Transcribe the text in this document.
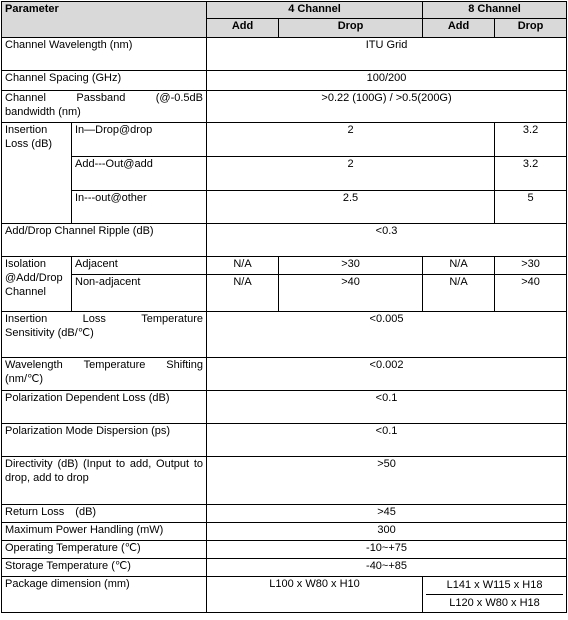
Parameter		4 Channel		8 Channel	
		Add	Drop	Add	Drop
Channel Wavelength (nm)		ITU Grid			
Channel Spacing (GHz)		100/200			

Channel Passband (@-0.5dB
bandwidth (nm)		>0.22 (100G) / >0.5(200G)			
Insertion Loss (dB)	In—Drop@drop	2			3.2
	Add---Out@add	2			3.2
	In---out@other	2.5			5
Add/Drop Channel Ripple (dB)		<0.3			
Isolation @Add/Drop Channel	Adjacent	N/A	>30	N/A	>30
	Non-adjacent	N/A	>40	N/A	>40

Insertion Loss Temperature
Sensitivity (dB/℃)		<0.005			

Wavelength Temperature Shifting
(nm/℃)		<0.002			
Polarization Dependent Loss (dB)		<0.1			
Polarization Mode Dispersion (ps)		<0.1			
Directivity (dB) (Input to add, Output to drop, add to drop		>50			
Return Loss　(dB)		>45			
Maximum Power Handling (mW)		300			
Operating Temperature (℃)		-10~+75			
Storage Temperature (℃)		-40~+85			
Package dimension (mm)		L100 x W80 x H10		L141 x W115 x H18
L120 x W80 x H18	
